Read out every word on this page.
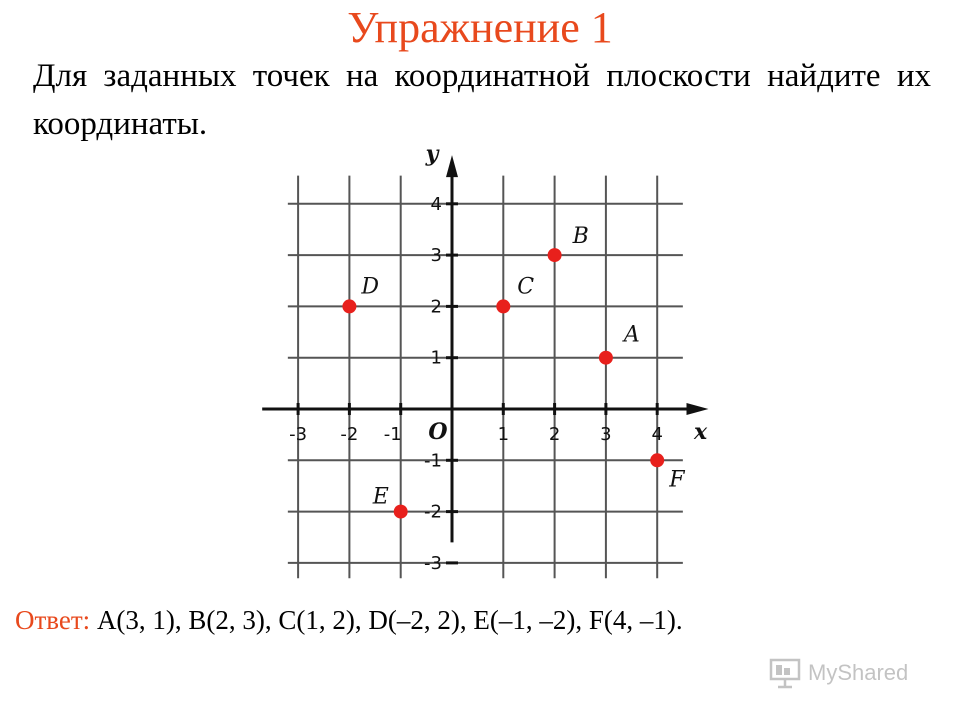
Упражнение 1
Для заданных точек на координатной плоскости найдите их координаты.
-3 -2 -1	1 2 3 4
4
3
2
1
-1
-2
-3
x
y
O
A
B
C
D
E
F
Ответ: A(3, 1), B(2, 3), C(1, 2), D(–2, 2), E(–1, –2), F(4, –1).
MyShared
